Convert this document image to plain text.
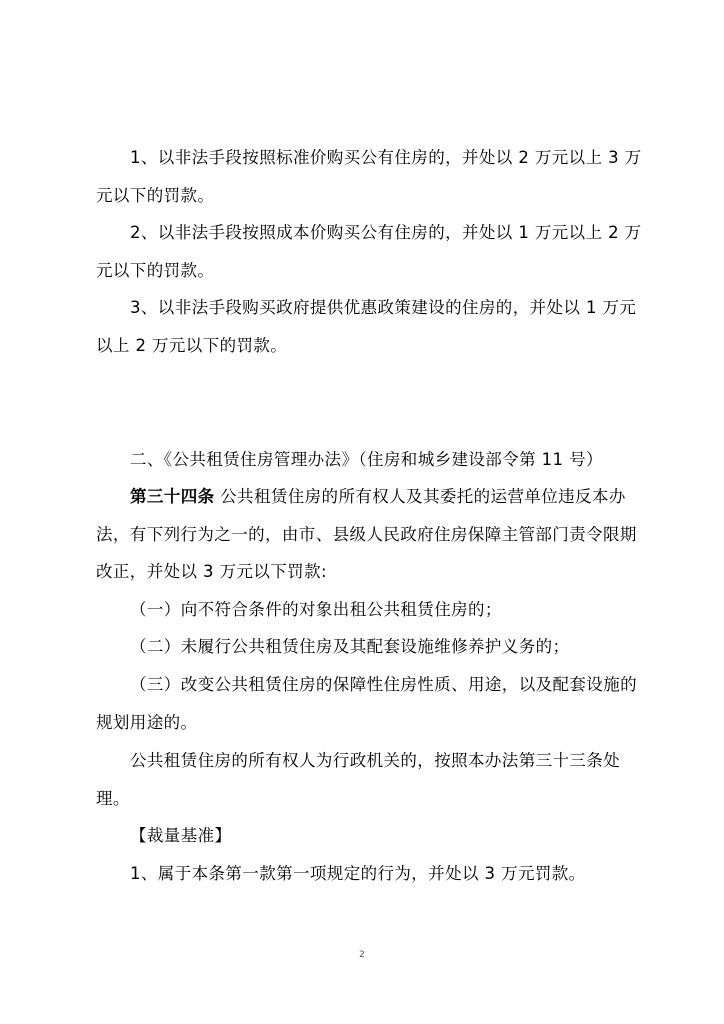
1、以非法手段按照标准价购买公有住房的，并处以 2 万元以上 3 万
元以下的罚款。
2、以非法手段按照成本价购买公有住房的，并处以 1 万元以上 2 万
元以下的罚款。
3、以非法手段购买政府提供优惠政策建设的住房的，并处以 1 万元
以上 2 万元以下的罚款。
二、《公共租赁住房管理办法》（住房和城乡建设部令第 11 号）
第三十四条 公共租赁住房的所有权人及其委托的运营单位违反本办
法，有下列行为之一的，由市、县级人民政府住房保障主管部门责令限期
改正，并处以 3 万元以下罚款:
（一）向不符合条件的对象出租公共租赁住房的；
（二）未履行公共租赁住房及其配套设施维修养护义务的；
（三）改变公共租赁住房的保障性住房性质、用途，以及配套设施的
规划用途的。
公共租赁住房的所有权人为行政机关的，按照本办法第三十三条处
理。
【裁量基准】
1、属于本条第一款第一项规定的行为，并处以 3 万元罚款。
2
